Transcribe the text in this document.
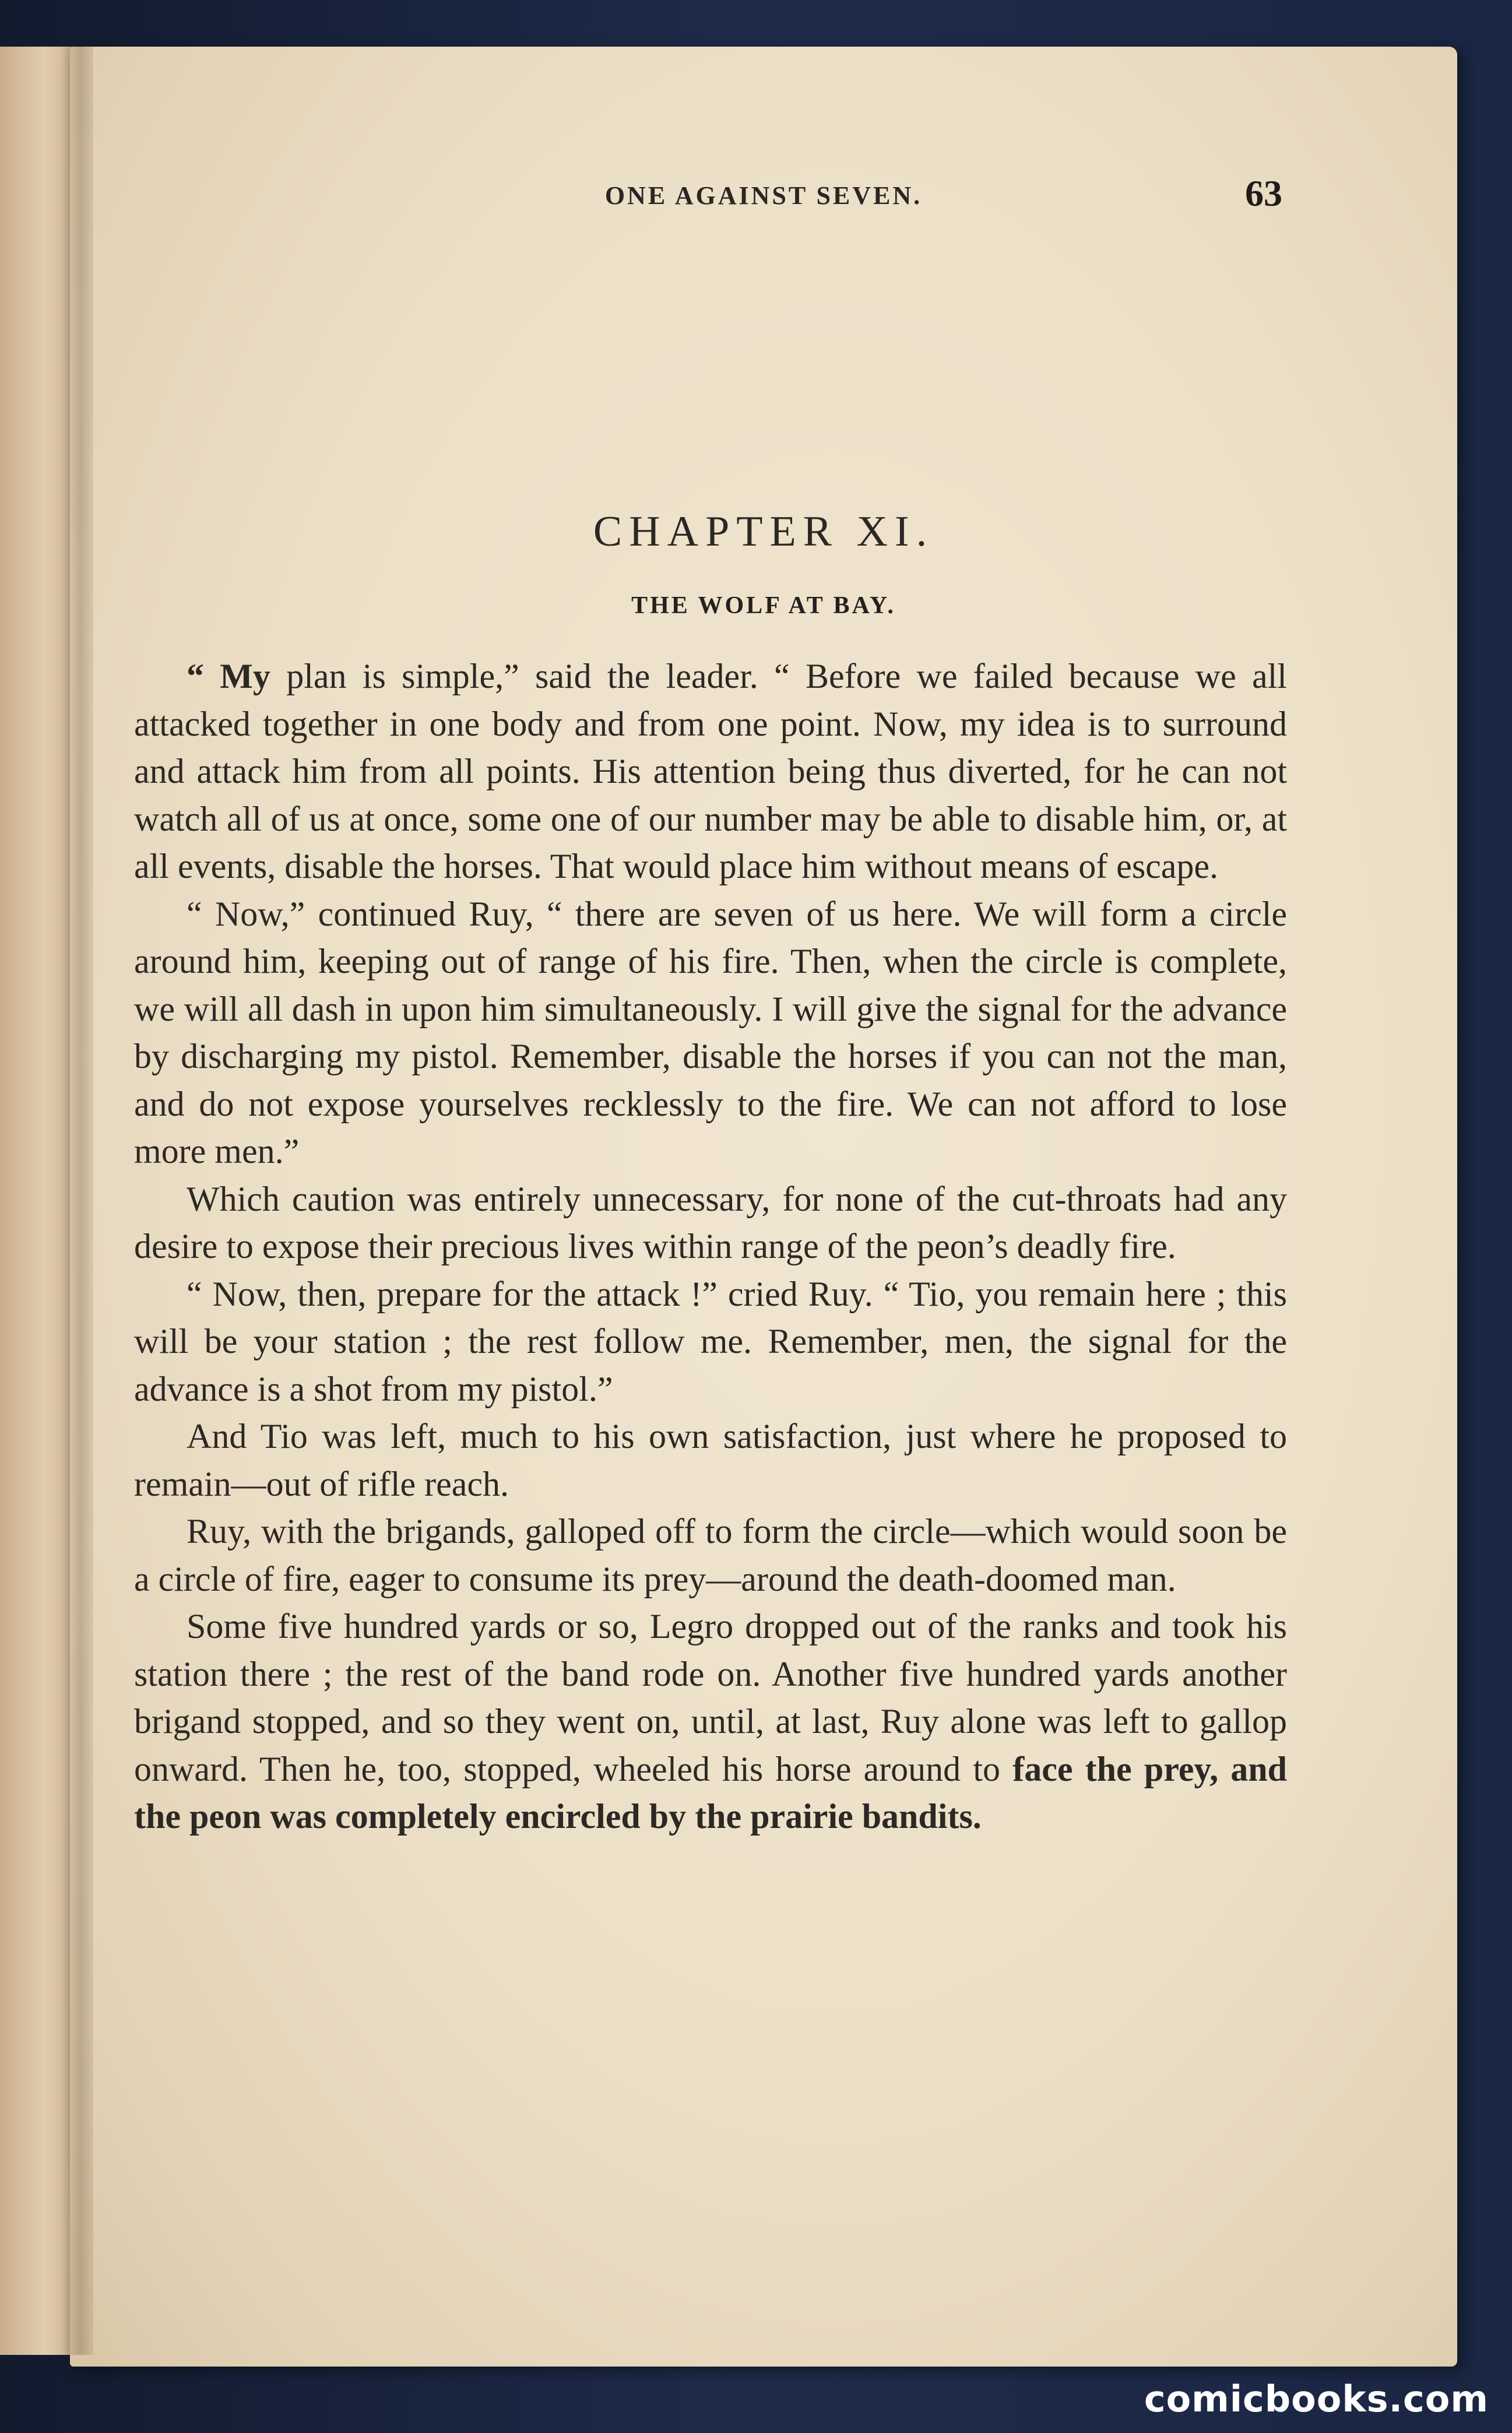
ONE AGAINST SEVEN.	63
CHAPTER XI.
THE WOLF AT BAY.

“ My plan is simple,” said the leader. “ Before we failed because we all attacked together in one body and from one point. Now, my idea is to surround and attack him from all points. His attention being thus diverted, for he can not watch all of us at once, some one of our number may be able to disable him, or, at all events, disable the horses. That would place him without means of escape.

“ Now,” continued Ruy, “ there are seven of us here. We will form a circle around him, keeping out of range of his fire. Then, when the circle is complete, we will all dash in upon him simultaneously. I will give the signal for the advance by discharging my pistol. Remember, disable the horses if you can not the man, and do not expose yourselves recklessly to the fire. We can not afford to lose more men.”

Which caution was entirely unnecessary, for none of the cut-throats had any desire to expose their precious lives within range of the peon’s deadly fire.

“ Now, then, prepare for the attack !” cried Ruy. “ Tio, you remain here ; this will be your station ; the rest follow me. Remember, men, the signal for the advance is a shot from my pistol.”

And Tio was left, much to his own satisfaction, just where he proposed to remain—out of rifle reach.

Ruy, with the brigands, galloped off to form the circle—which would soon be a circle of fire, eager to consume its prey—around the death-doomed man.

Some five hundred yards or so, Legro dropped out of the ranks and took his station there ; the rest of the band rode on. Another five hundred yards another brigand stopped, and so they went on, until, at last, Ruy alone was left to gallop onward. Then he, too, stopped, wheeled his horse around to face the prey, and the peon was completely encircled by the prairie bandits.

comicbooks.com
